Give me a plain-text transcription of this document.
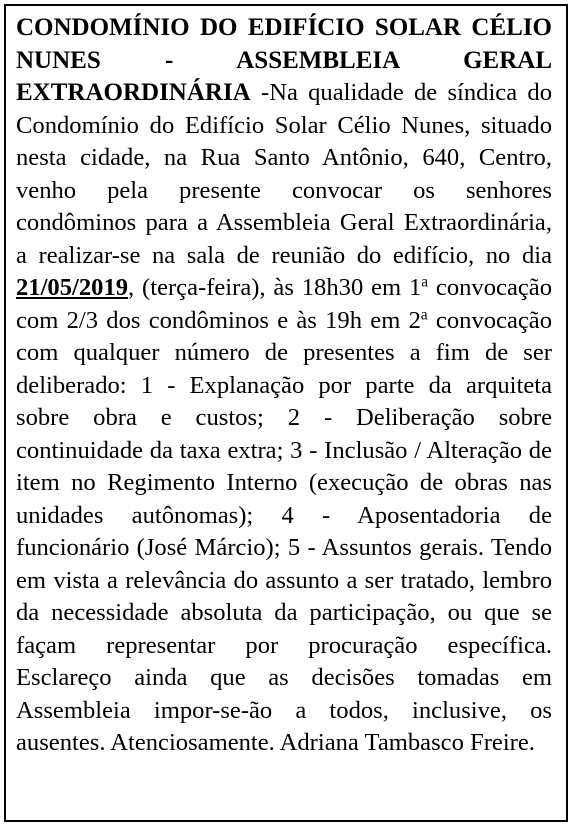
CONDOMÍNIO DO EDIFÍCIO SOLAR CÉLIO NUNES - ASSEMBLEIA GERAL EXTRAORDINÁRIA -Na qualidade de síndica do Condomínio do Edifício Solar Célio Nunes, situado nesta cidade, na Rua Santo Antônio, 640, Centro, venho pela presente convocar os senhores condôminos para a Assembleia Geral Extraordinária, a realizar-se na sala de reunião do edifício, no dia 21/05/2019, (terça-feira), às 18h30 em 1$^a$ convocação com 2/3 dos condôminos e às 19h em 2$^a$ convocação com qualquer número de presentes a fim de ser deliberado: 1 - Explanação por parte da arquiteta sobre obra e custos; 2 - Deliberação sobre continuidade da taxa extra; 3 - Inclusão / Alteração de item no Regimento Interno (execução de obras nas unidades autônomas); 4 - Aposentadoria de funcionário (José Márcio); 5 - Assuntos gerais. Tendo em vista a relevância do assunto a ser tratado, lembro da necessidade absoluta da participação, ou que se façam representar por procuração específica. Esclareço ainda que as decisões tomadas em Assembleia impor-se-ão a todos, inclusive, os ausentes. Atenciosamente. Adriana Tambasco Freire.
